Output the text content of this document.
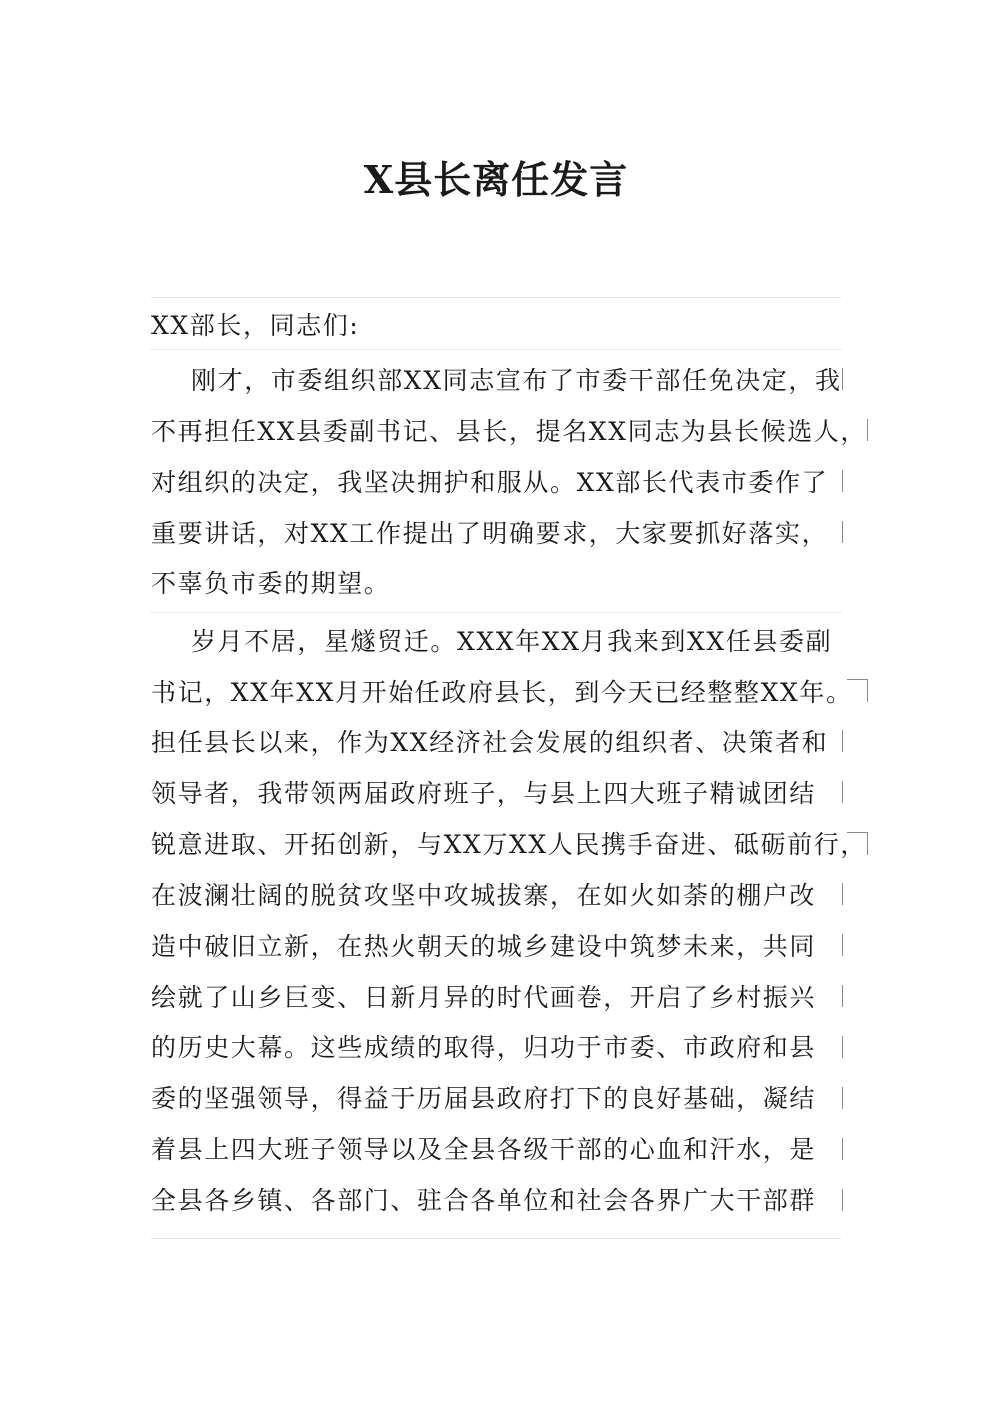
X县长离任发言
XX部长，同志们:
刚才，市委组织部XX同志宣布了市委干部任免决定，我
不再担任XX县委副书记、县长，提名XX同志为县长候选人，
对组织的决定，我坚决拥护和服从。XX部长代表市委作了
重要讲话，对XX工作提出了明确要求，大家要抓好落实，
不辜负市委的期望。
岁月不居，星燧贸迁。XXX年XX月我来到XX任县委副
书记，XX年XX月开始任政府县长，到今天已经整整XX年。
担任县长以来，作为XX经济社会发展的组织者、决策者和
领导者，我带领两届政府班子，与县上四大班子精诚团结
锐意进取、开拓创新，与XX万XX人民携手奋进、砥砺前行，
在波澜壮阔的脱贫攻坚中攻城拔寨，在如火如荼的棚户改
造中破旧立新，在热火朝天的城乡建设中筑梦未来，共同
绘就了山乡巨变、日新月异的时代画卷，开启了乡村振兴
的历史大幕。这些成绩的取得，归功于市委、市政府和县
委的坚强领导，得益于历届县政府打下的良好基础，凝结
着县上四大班子领导以及全县各级干部的心血和汗水，是
全县各乡镇、各部门、驻合各单位和社会各界广大干部群
